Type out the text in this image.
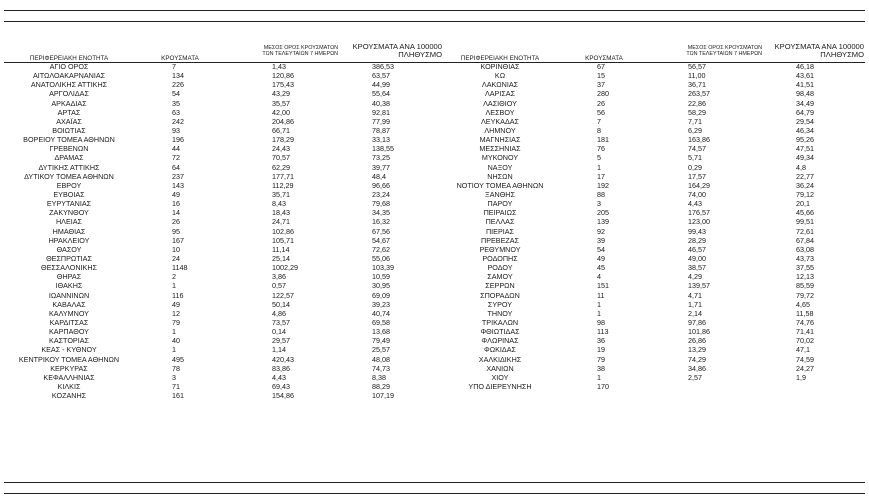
ΠΕΡΙΦΕΡΕΙΑΚΗ ΕΝΟΤΗΤΑ	ΚΡΟΥΣΜΑΤΑ
ΜΕΣΟΣ ΟΡΟΣ ΚΡΟΥΣΜΑΤΩΝ
ΤΩΝ ΤΕΛΕΥΤΑΙΩΝ 7 ΗΜΕΡΩΝ
ΚΡΟΥΣΜΑΤΑ ΑΝΑ 100000
ΠΛΗΘΥΣΜΟ	ΠΕΡΙΦΕΡΕΙΑΚΗ ΕΝΟΤΗΤΑ	ΚΡΟΥΣΜΑΤΑ
ΜΕΣΟΣ ΟΡΟΣ ΚΡΟΥΣΜΑΤΩΝ
ΤΩΝ ΤΕΛΕΥΤΑΙΩΝ 7 ΗΜΕΡΩΝ
ΚΡΟΥΣΜΑΤΑ ΑΝΑ 100000
ΠΛΗΘΥΣΜΟ
ΑΓΙΟ ΟΡΟΣ	7	1,43	386,53
ΑΙΤΩΛΟΑΚΑΡΝΑΝΙΑΣ	134	120,86	63,57
ΑΝΑΤΟΛΙΚΗΣ ΑΤΤΙΚΗΣ	226	175,43	44,99
ΑΡΓΟΛΙΔΑΣ	54	43,29	55,64
ΑΡΚΑΔΙΑΣ	35	35,57	40,38
ΑΡΤΑΣ	63	42,00	92,81
ΑΧΑΪΑΣ	242	204,86	77,99
ΒΟΙΩΤΙΑΣ	93	66,71	78,87
ΒΟΡΕΙΟΥ ΤΟΜΕΑ ΑΘΗΝΩΝ	196	178,29	33,13
ΓΡΕΒΕΝΩΝ	44	24,43	138,55
ΔΡΑΜΑΣ	72	70,57	73,25
ΔΥΤΙΚΗΣ ΑΤΤΙΚΗΣ	64	62,29	39,77
ΔΥΤΙΚΟΥ ΤΟΜΕΑ ΑΘΗΝΩΝ	237	177,71	48,4
ΕΒΡΟΥ	143	112,29	96,66
ΕΥΒΟΙΑΣ	49	35,71	23,24
ΕΥΡΥΤΑΝΙΑΣ	16	8,43	79,68
ΖΑΚΥΝΘΟΥ	14	18,43	34,35
ΗΛΕΙΑΣ	26	24,71	16,32
ΗΜΑΘΙΑΣ	95	102,86	67,56
ΗΡΑΚΛΕΙΟΥ	167	105,71	54,67
ΘΑΣΟΥ	10	11,14	72,62
ΘΕΣΠΡΩΤΙΑΣ	24	25,14	55,06
ΘΕΣΣΑΛΟΝΙΚΗΣ	1148	1002,29	103,39
ΘΗΡΑΣ	2	3,86	10,59
ΙΘΑΚΗΣ	1	0,57	30,95
ΙΩΑΝΝΙΝΩΝ	116	122,57	69,09
ΚΑΒΑΛΑΣ	49	50,14	39,23
ΚΑΛΥΜΝΟΥ	12	4,86	40,74
ΚΑΡΔΙΤΣΑΣ	79	73,57	69,58
ΚΑΡΠΑΘΟΥ	1	0,14	13,68
ΚΑΣΤΟΡΙΑΣ	40	29,57	79,49
ΚΕΑΣ - ΚΥΘΝΟΥ	1	1,14	25,57
ΚΕΝΤΡΙΚΟΥ ΤΟΜΕΑ ΑΘΗΝΩΝ	495	420,43	48,08
ΚΕΡΚΥΡΑΣ	78	83,86	74,73
ΚΕΦΑΛΛΗΝΙΑΣ	3	4,43	8,38
ΚΙΛΚΙΣ	71	69,43	88,29
ΚΟΖΑΝΗΣ	161	154,86	107,19
ΚΟΡΙΝΘΙΑΣ	67	56,57	46,18
ΚΩ	15	11,00	43,61
ΛΑΚΩΝΙΑΣ	37	36,71	41,51
ΛΑΡΙΣΑΣ	280	263,57	98,48
ΛΑΣΙΘΙΟΥ	26	22,86	34,49
ΛΕΣΒΟΥ	56	58,29	64,79
ΛΕΥΚΑΔΑΣ	7	7,71	29,54
ΛΗΜΝΟΥ	8	6,29	46,34
ΜΑΓΝΗΣΙΑΣ	181	163,86	95,26
ΜΕΣΣΗΝΙΑΣ	76	74,57	47,51
ΜΥΚΟΝΟΥ	5	5,71	49,34
ΝΑΞΟΥ	1	0,29	4,8
ΝΗΣΩΝ	17	17,57	22,77
ΝΟΤΙΟΥ ΤΟΜΕΑ ΑΘΗΝΩΝ	192	164,29	36,24
ΞΑΝΘΗΣ	88	74,00	79,12
ΠΑΡΟΥ	3	4,43	20,1
ΠΕΙΡΑΙΩΣ	205	176,57	45,66
ΠΕΛΛΑΣ	139	123,00	99,51
ΠΙΕΡΙΑΣ	92	99,43	72,61
ΠΡΕΒΕΖΑΣ	39	28,29	67,84
ΡΕΘΥΜΝΟΥ	54	46,57	63,08
ΡΟΔΟΠΗΣ	49	49,00	43,73
ΡΟΔΟΥ	45	38,57	37,55
ΣΑΜΟΥ	4	4,29	12,13
ΣΕΡΡΩΝ	151	139,57	85,59
ΣΠΟΡΑΔΩΝ	11	4,71	79,72
ΣΥΡΟΥ	1	1,71	4,65
ΤΗΝΟΥ	1	2,14	11,58
ΤΡΙΚΑΛΩΝ	98	97,86	74,76
ΦΘΙΩΤΙΔΑΣ	113	101,86	71,41
ΦΛΩΡΙΝΑΣ	36	26,86	70,02
ΦΩΚΙΔΑΣ	19	13,29	47,1
ΧΑΛΚΙΔΙΚΗΣ	79	74,29	74,59
ΧΑΝΙΩΝ	38	34,86	24,27
ΧΙΟΥ	1	2,57	1,9
ΥΠΟ ΔΙΕΡΕΥΝΗΣΗ	170
